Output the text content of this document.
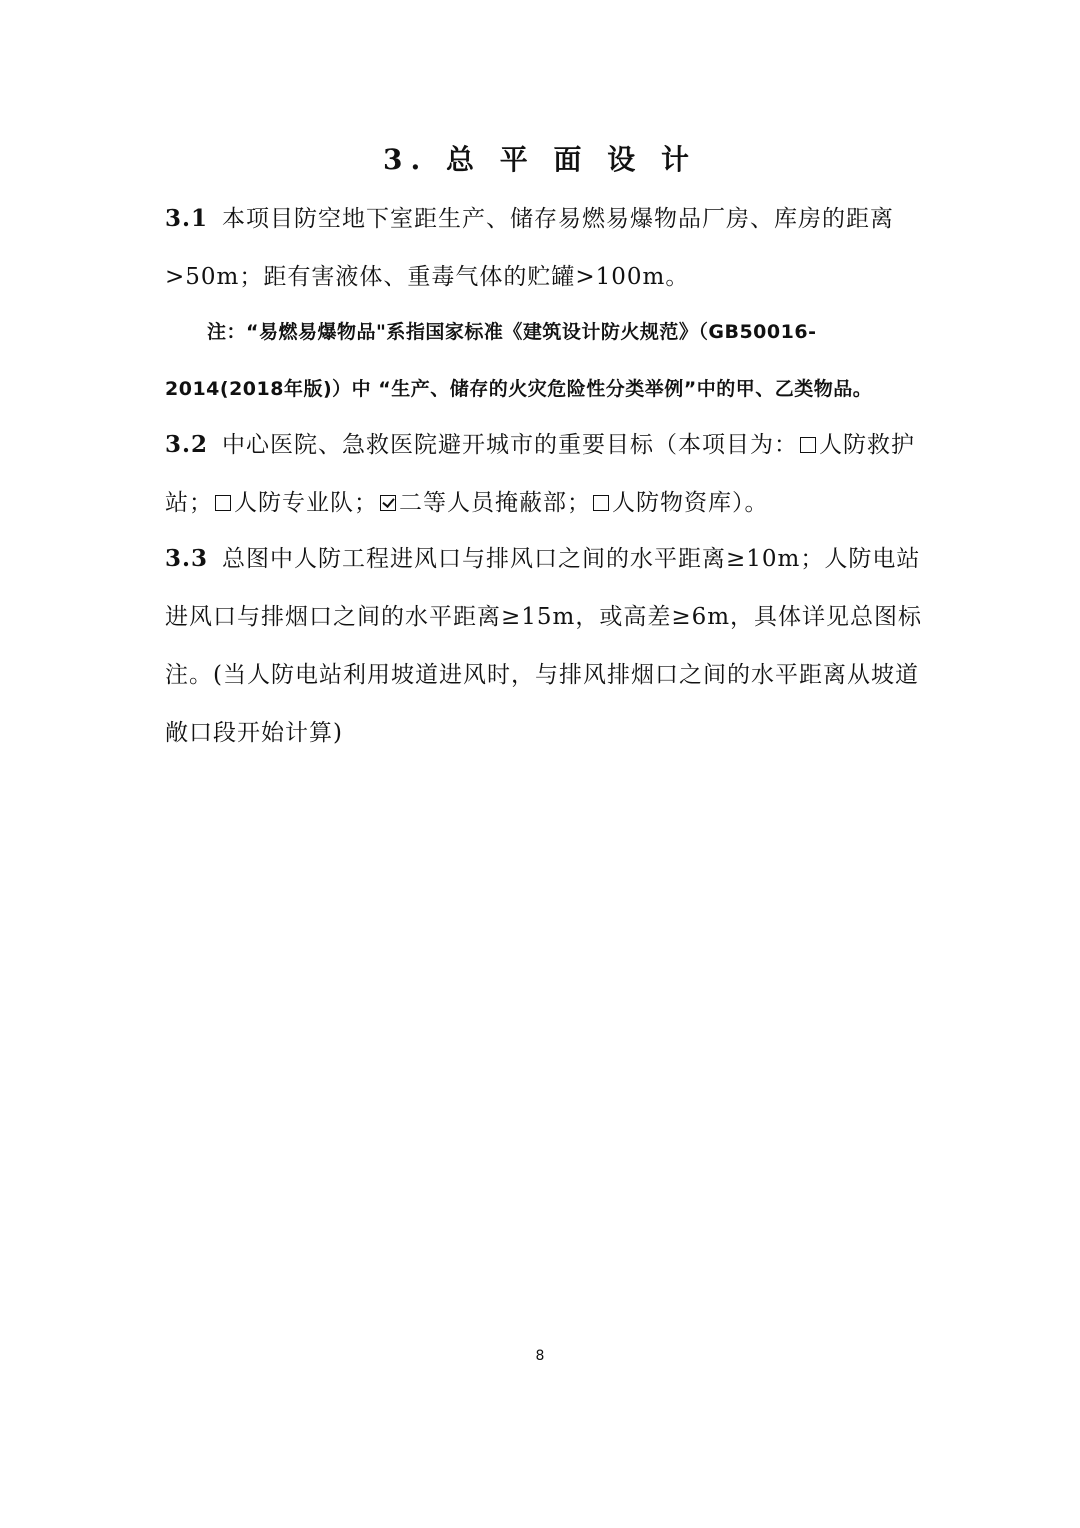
3. 总 平 面 设 计
3.1 本项目防空地下室距生产、储存易燃易爆物品厂房、库房的距离>50m；距有害液体、重毒气体的贮罐>100m。
注：“易燃易爆物品"系指国家标准《建筑设计防火规范》（GB50016-2014(2018年版)）中 “生产、储存的火灾危险性分类举例”中的甲、乙类物品。
3.2 中心医院、急救医院避开城市的重要目标（本项目为： 人防救护站； 人防专业队； 二等人员掩蔽部； 人防物资库）。
3.3 总图中人防工程进风口与排风口之间的水平距离≥10m；人防电站进风口与排烟口之间的水平距离≥15m，或高差≥6m，具体详见总图标注。(当人防电站利用坡道进风时，与排风排烟口之间的水平距离从坡道敞口段开始计算)
8
